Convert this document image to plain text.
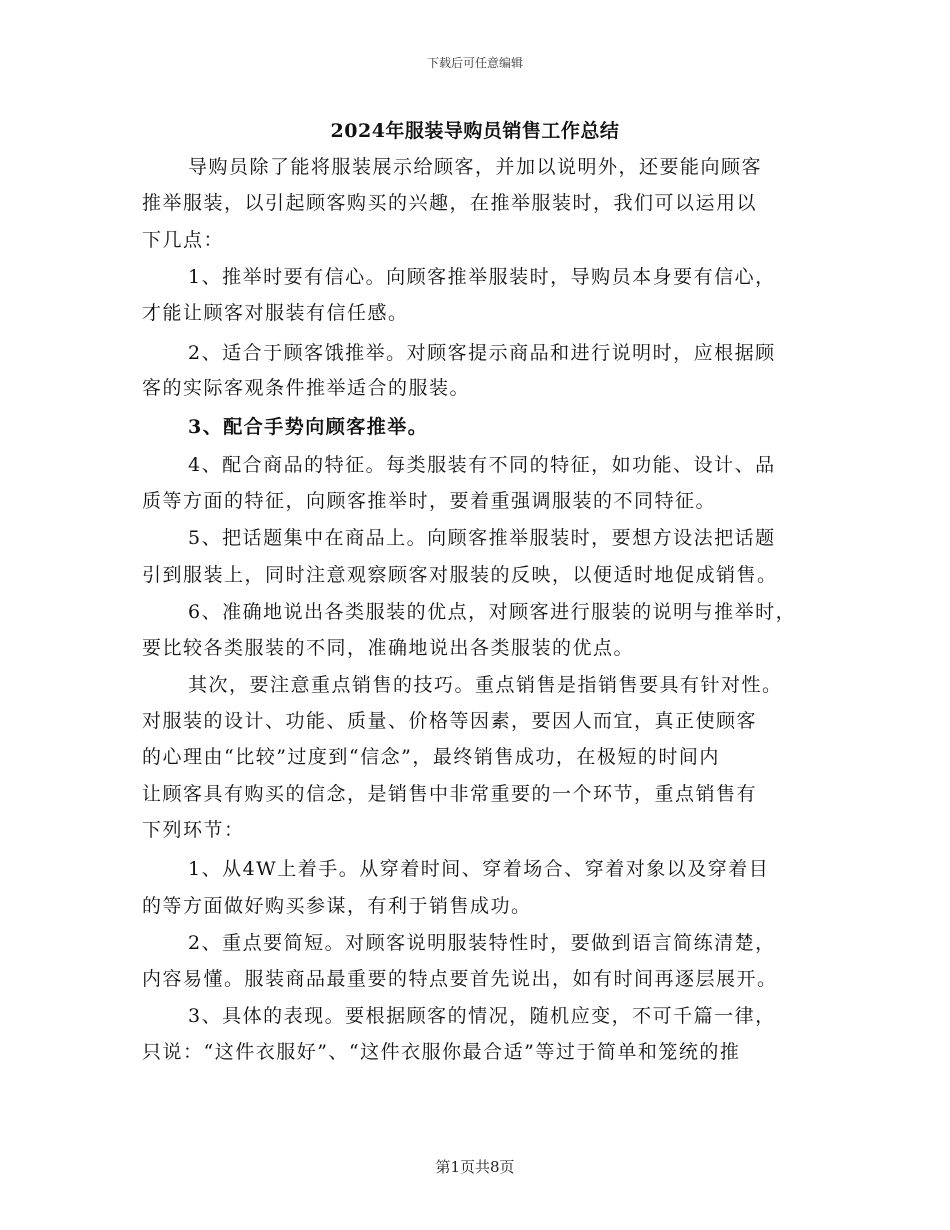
下载后可任意编辑
2024年服装导购员销售工作总结
导购员除了能将服装展示给顾客，并加以说明外，还要能向顾客
推举服装，以引起顾客购买的兴趣，在推举服装时，我们可以运用以
下几点：
1、推举时要有信心。向顾客推举服装时，导购员本身要有信心，
才能让顾客对服装有信任感。
2、适合于顾客饿推举。对顾客提示商品和进行说明时，应根据顾
客的实际客观条件推举适合的服装。
3、配合手势向顾客推举。
4、配合商品的特征。每类服装有不同的特征，如功能、设计、品
质等方面的特征，向顾客推举时，要着重强调服装的不同特征。
5、把话题集中在商品上。向顾客推举服装时，要想方设法把话题
引到服装上，同时注意观察顾客对服装的反映，以便适时地促成销售。
6、准确地说出各类服装的优点，对顾客进行服装的说明与推举时，
要比较各类服装的不同，准确地说出各类服装的优点。
其次，要注意重点销售的技巧。重点销售是指销售要具有针对性。
对服装的设计、功能、质量、价格等因素，要因人而宜，真正使顾客
的心理由“比较”过度到“信念”，最终销售成功，在极短的时间内
让顾客具有购买的信念，是销售中非常重要的一个环节，重点销售有
下列环节：
1、从4W上着手。从穿着时间、穿着场合、穿着对象以及穿着目
的等方面做好购买参谋，有利于销售成功。
2、重点要简短。对顾客说明服装特性时，要做到语言简练清楚，
内容易懂。服装商品最重要的特点要首先说出，如有时间再逐层展开。
3、具体的表现。要根据顾客的情况，随机应变，不可千篇一律，
只说：“这件衣服好”、“这件衣服你最合适”等过于简单和笼统的推
第1页共8页
